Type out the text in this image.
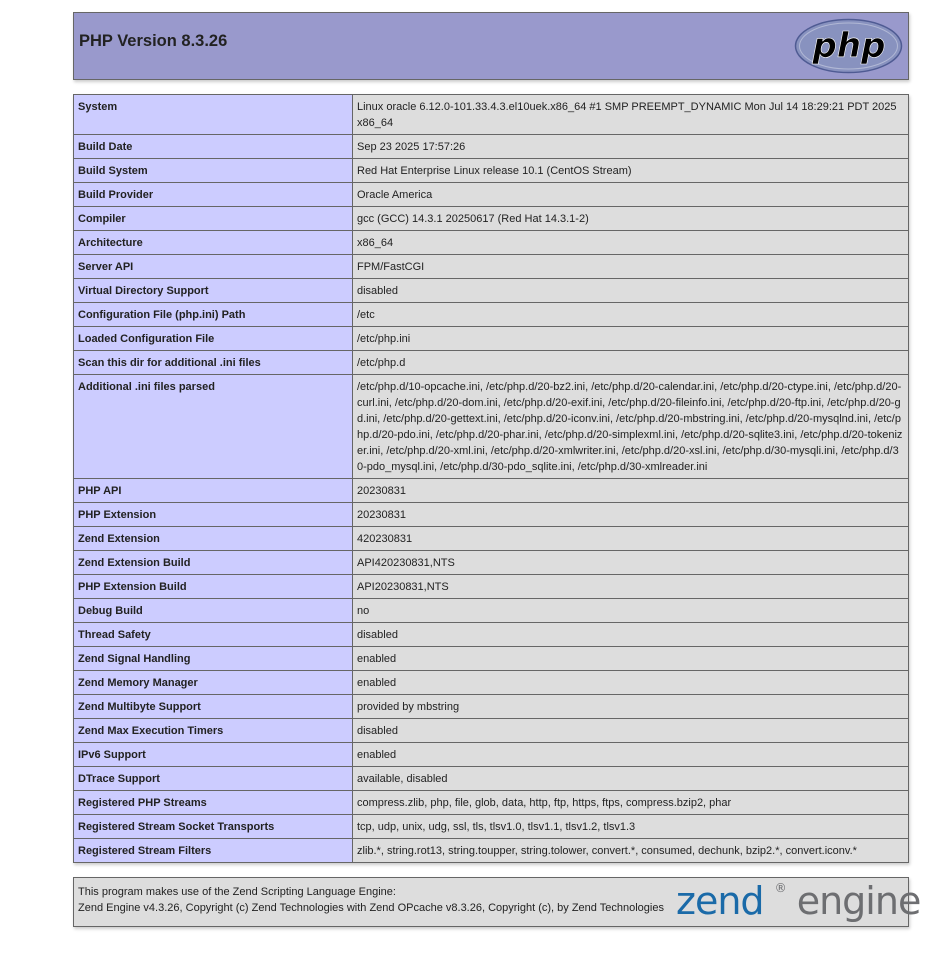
PHP Version 8.3.26	php
System	Linux oracle 6.12.0-101.33.4.3.el10uek.x86_64 #1 SMP PREEMPT_DYNAMIC Mon Jul 14 18:29:21 PDT 2025 x86_64
Build Date	Sep 23 2025 17:57:26
Build System	Red Hat Enterprise Linux release 10.1 (CentOS Stream)
Build Provider	Oracle America
Compiler	gcc (GCC) 14.3.1 20250617 (Red Hat 14.3.1-2)
Architecture	x86_64
Server API	FPM/FastCGI
Virtual Directory Support	disabled
Configuration File (php.ini) Path	/etc
Loaded Configuration File	/etc/php.ini
Scan this dir for additional .ini files	/etc/php.d
Additional .ini files parsed	/etc/php.d/10-opcache.ini, /etc/php.d/20-bz2.ini, /etc/php.d/20-calendar.ini, /etc/php.d/20-ctype.ini, /etc/php.d/20-curl.ini, /etc/php.d/20-dom.ini, /etc/php.d/20-exif.ini, /etc/php.d/20-fileinfo.ini, /etc/php.d/20-ftp.ini, /etc/php.d/20-gd.ini, /etc/php.d/20-gettext.ini, /etc/php.d/20-iconv.ini, /etc/php.d/20-mbstring.ini, /etc/php.d/20-mysqlnd.ini, /etc/php.d/20-pdo.ini, /etc/php.d/20-phar.ini, /etc/php.d/20-simplexml.ini, /etc/php.d/20-sqlite3.ini, /etc/php.d/20-tokenizer.ini, /etc/php.d/20-xml.ini, /etc/php.d/20-xmlwriter.ini, /etc/php.d/20-xsl.ini, /etc/php.d/30-mysqli.ini, /etc/php.d/30-pdo_mysql.ini, /etc/php.d/30-pdo_sqlite.ini, /etc/php.d/30-xmlreader.ini
PHP API	20230831
PHP Extension	20230831
Zend Extension	420230831
Zend Extension Build	API420230831,NTS
PHP Extension Build	API20230831,NTS
Debug Build	no
Thread Safety	disabled
Zend Signal Handling	enabled
Zend Memory Manager	enabled
Zend Multibyte Support	provided by mbstring
Zend Max Execution Timers	disabled
IPv6 Support	enabled
DTrace Support	available, disabled
Registered PHP Streams	compress.zlib, php, file, glob, data, http, ftp, https, ftps, compress.bzip2, phar
Registered Stream Socket Transports	tcp, udp, unix, udg, ssl, tls, tlsv1.0, tlsv1.1, tlsv1.2, tlsv1.3
Registered Stream Filters	zlib.*, string.rot13, string.toupper, string.tolower, convert.*, consumed, dechunk, bzip2.*, convert.iconv.*
This program makes use of the Zend Scripting Language Engine:
Zend Engine v4.3.26, Copyright (c) Zend Technologies with Zend OPcache v8.3.26, Copyright (c), by Zend Technologies zend ® engine
